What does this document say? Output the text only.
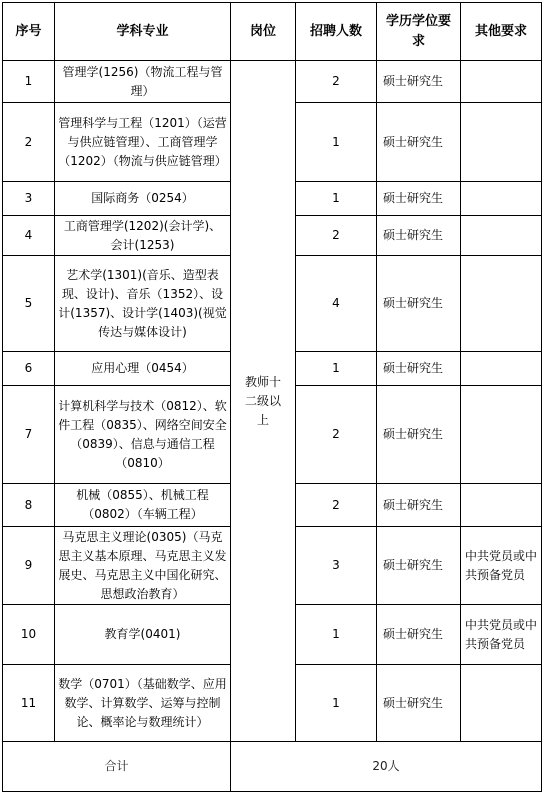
序号	学科专业	岗位	招聘人数	学历学位要求	其他要求
1	管理学(1256)（物流工程与管理）	教师十二级以上	2	硕士研究生	
2	管理科学与工程（1201）（运营与供应链管理）、工商管理学（1202）（物流与供应链管理）		1	硕士研究生	
3	国际商务（0254）		1	硕士研究生	
4	工商管理学(1202)(会计学)、会计(1253)		2	硕士研究生	
5	艺术学(1301)(音乐、造型表现、设计)、音乐（1352）、设计(1357)、设计学(1403)(视觉传达与媒体设计)		4	硕士研究生	
6	应用心理（0454）		1	硕士研究生	
7	计算机科学与技术（0812）、软件工程（0835）、网络空间安全（0839）、信息与通信工程（0810）		2	硕士研究生	
8	机械（0855）、机械工程（0802）（车辆工程）		2	硕士研究生	
9	马克思主义理论(0305)（马克思主义基本原理、马克思主义发展史、马克思主义中国化研究、思想政治教育）		3	硕士研究生	中共党员或中共预备党员
10	教育学(0401)		1	硕士研究生	中共党员或中共预备党员
11	数学（0701）（基础数学、应用数学、计算数学、运筹与控制论、概率论与数理统计）		1	硕士研究生	
合计		20人			
